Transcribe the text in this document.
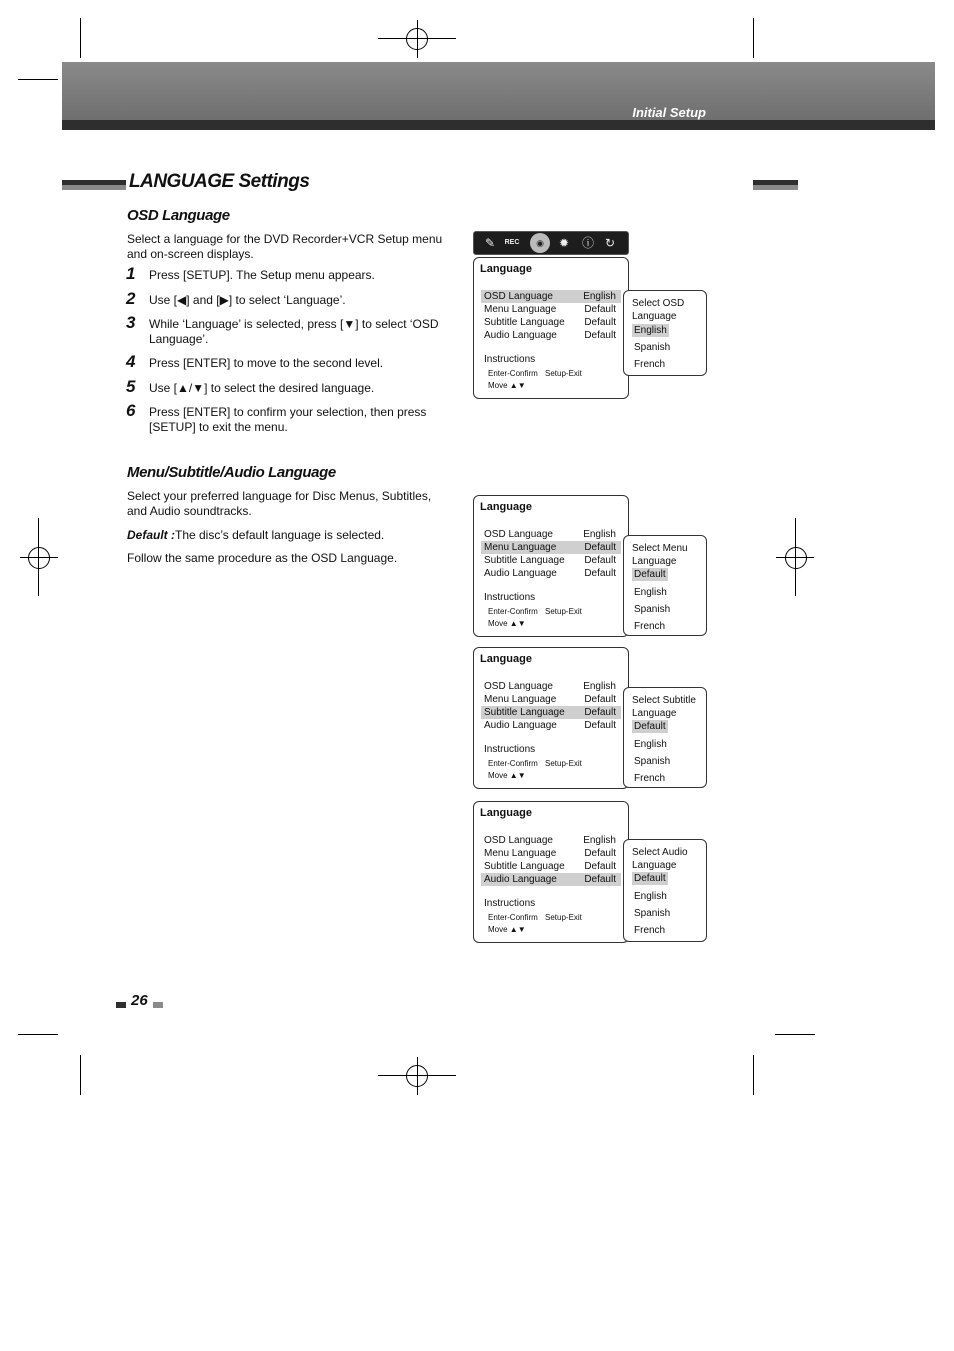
Initial Setup
LANGUAGE Settings
OSD Language
Select a language for the DVD Recorder+VCR Setup menu and on-screen displays.
1 Press [SETUP]. The Setup menu appears.
2 Use [◀] and [▶] to select ‘Language’.
3 While ‘Language’ is selected, press [▼] to select ‘OSD Language’.
4 Press [ENTER] to move to the second level.
5 Use [▲/▼] to select the desired language.
6 Press [ENTER] to confirm your selection, then press [SETUP] to exit the menu.
Menu/Subtitle/Audio Language
Select your preferred language for Disc Menus, Subtitles, and Audio soundtracks.
Default : The disc’s default language is selected.
Follow the same procedure as the OSD Language.
✎	REC	◉	✹ ⓘ ↻
Language
OSD Language	English
Menu Language	Default
Subtitle Language Default
Audio Language	Default
Instructions
Enter-Confirm Setup-Exit
Move ▲▼
Select OSD Language
English
Spanish
French
Language
OSD Language	English
Menu Language	Default
Subtitle Language Default
Audio Language	Default
Instructions
Enter-Confirm Setup-Exit
Move ▲▼
Select Menu Language
Default
English
Spanish
French
Language
OSD Language	English
Menu Language	Default
Subtitle Language Default
Audio Language	Default
Instructions
Enter-Confirm Setup-Exit
Move ▲▼
Select Subtitle Language
Default
English
Spanish
French
Language
OSD Language	English
Menu Language	Default
Subtitle Language Default
Audio Language	Default
Instructions
Enter-Confirm Setup-Exit
Move ▲▼
Select Audio Language
Default
English
Spanish
French
26
